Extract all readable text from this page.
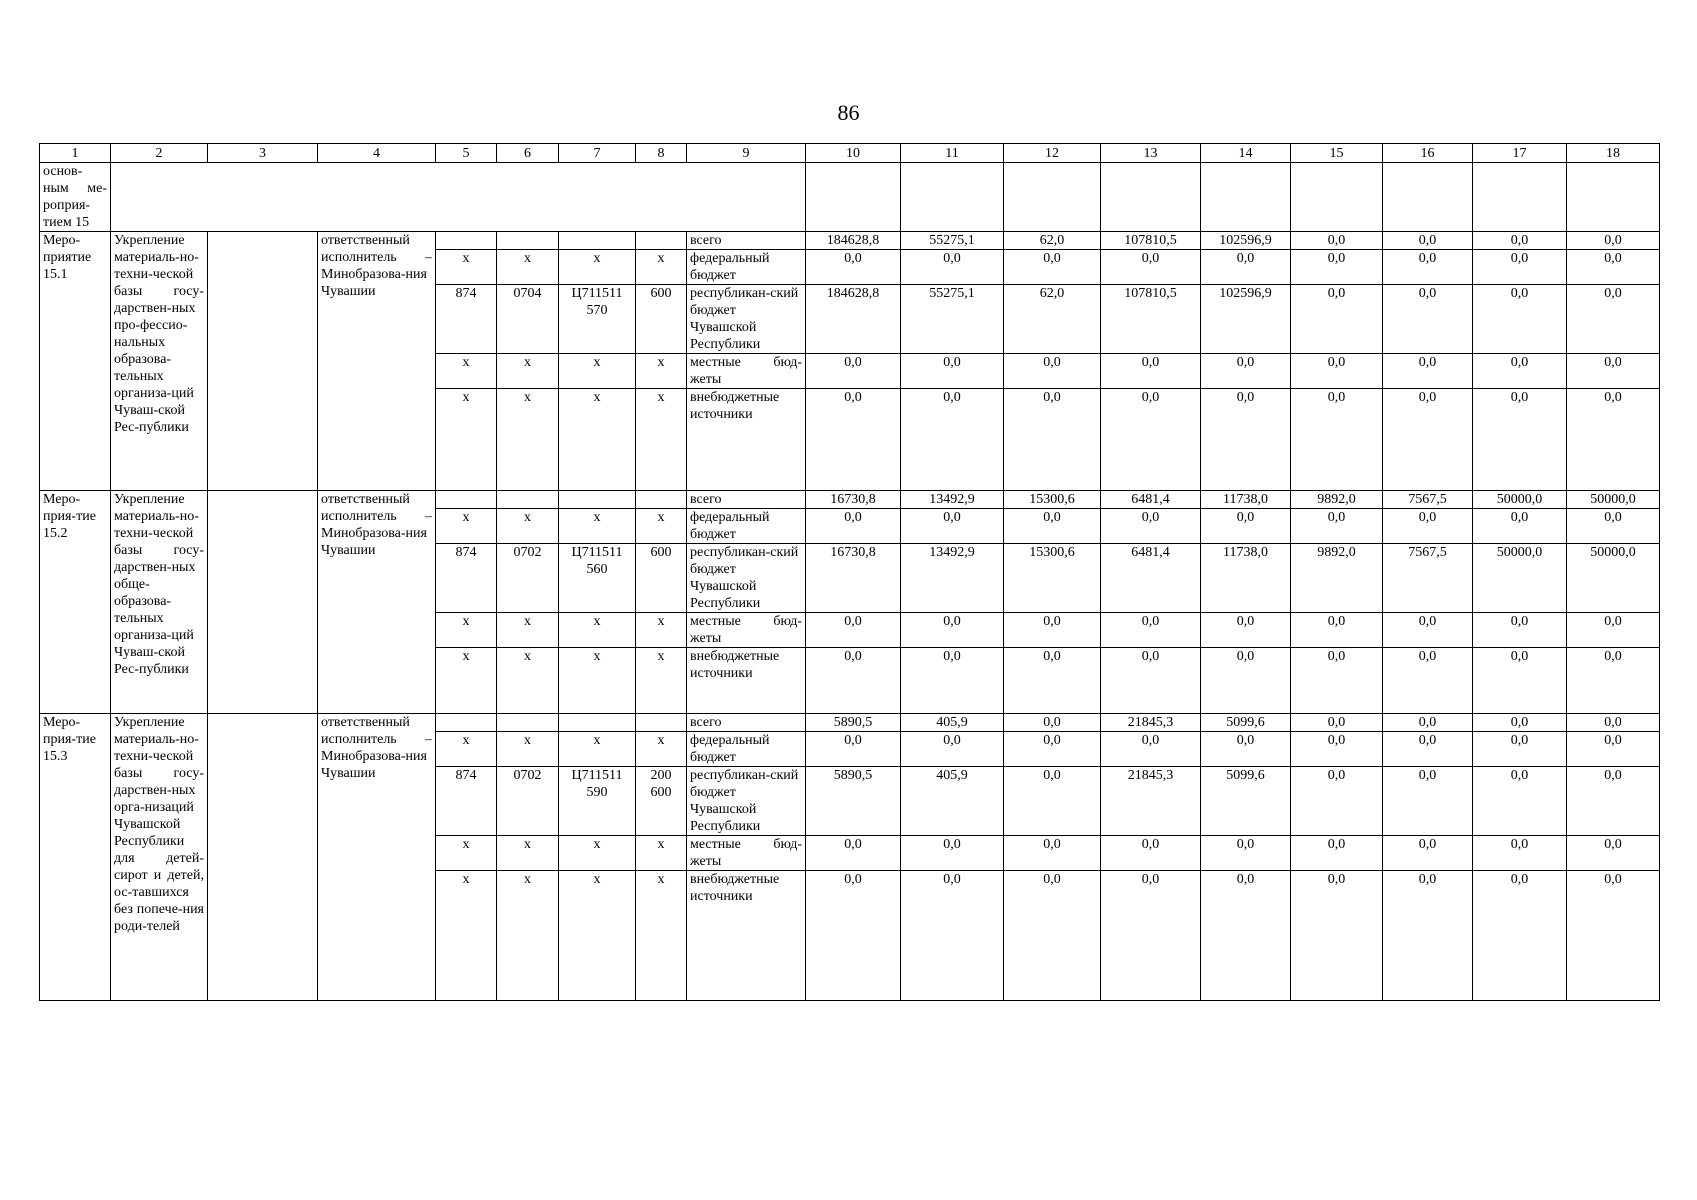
86
1	2	3	4	5	6	7	8	9	10	11	12	13	14	15	16	17	18
основ-ным ме-роприя-тием 15																	
Меро-приятие 15.1	Укрепление материаль-но-техни-ческой базы госу-дарствен-ных про-фессио-нальных образова-тельных организа-ций Чуваш-ской Рес-публики		ответственный исполнитель – Минобразова-ния Чувашии					всего	184628,8	55275,1	62,0	107810,5	102596,9	0,0	0,0	0,0	0,0
				x	x	x	x	федеральный бюджет	0,0	0,0	0,0	0,0	0,0	0,0	0,0	0,0	0,0
				874	0704	Ц711511 570	600	республикан-ский бюджет Чувашской Республики	184628,8	55275,1	62,0	107810,5	102596,9	0,0	0,0	0,0	0,0
				x	x	x	x	местные бюд-жеты	0,0	0,0	0,0	0,0	0,0	0,0	0,0	0,0	0,0
				x	x	x	x	внебюджетные источники	0,0	0,0	0,0	0,0	0,0	0,0	0,0	0,0	0,0
Меро-прия-тие 15.2	Укрепление материаль-но-техни-ческой базы госу-дарствен-ных обще-образова-тельных организа-ций Чуваш-ской Рес-публики		ответственный исполнитель – Минобразова-ния Чувашии					всего	16730,8	13492,9	15300,6	6481,4	11738,0	9892,0	7567,5	50000,0	50000,0
				x	x	x	x	федеральный бюджет	0,0	0,0	0,0	0,0	0,0	0,0	0,0	0,0	0,0
				874	0702	Ц711511 560	600	республикан-ский бюджет Чувашской Республики	16730,8	13492,9	15300,6	6481,4	11738,0	9892,0	7567,5	50000,0	50000,0
				x	x	x	x	местные бюд-жеты	0,0	0,0	0,0	0,0	0,0	0,0	0,0	0,0	0,0
				x	x	x	x	внебюджетные источники	0,0	0,0	0,0	0,0	0,0	0,0	0,0	0,0	0,0
Меро-прия-тие 15.3	Укрепление материаль-но-техни-ческой базы госу-дарствен-ных орга-низаций Чувашской Республики для детей-сирот и детей, ос-тавшихся без попече-ния роди-телей		ответственный исполнитель – Минобразова-ния Чувашии					всего	5890,5	405,9	0,0	21845,3	5099,6	0,0	0,0	0,0	0,0
				x	x	x	x	федеральный бюджет	0,0	0,0	0,0	0,0	0,0	0,0	0,0	0,0	0,0
				874	0702	Ц711511 590	200 600	республикан-ский бюджет Чувашской Республики	5890,5	405,9	0,0	21845,3	5099,6	0,0	0,0	0,0	0,0
				x	x	x	x	местные бюд-жеты	0,0	0,0	0,0	0,0	0,0	0,0	0,0	0,0	0,0
				x	x	x	x	внебюджетные источники	0,0	0,0	0,0	0,0	0,0	0,0	0,0	0,0	0,0
